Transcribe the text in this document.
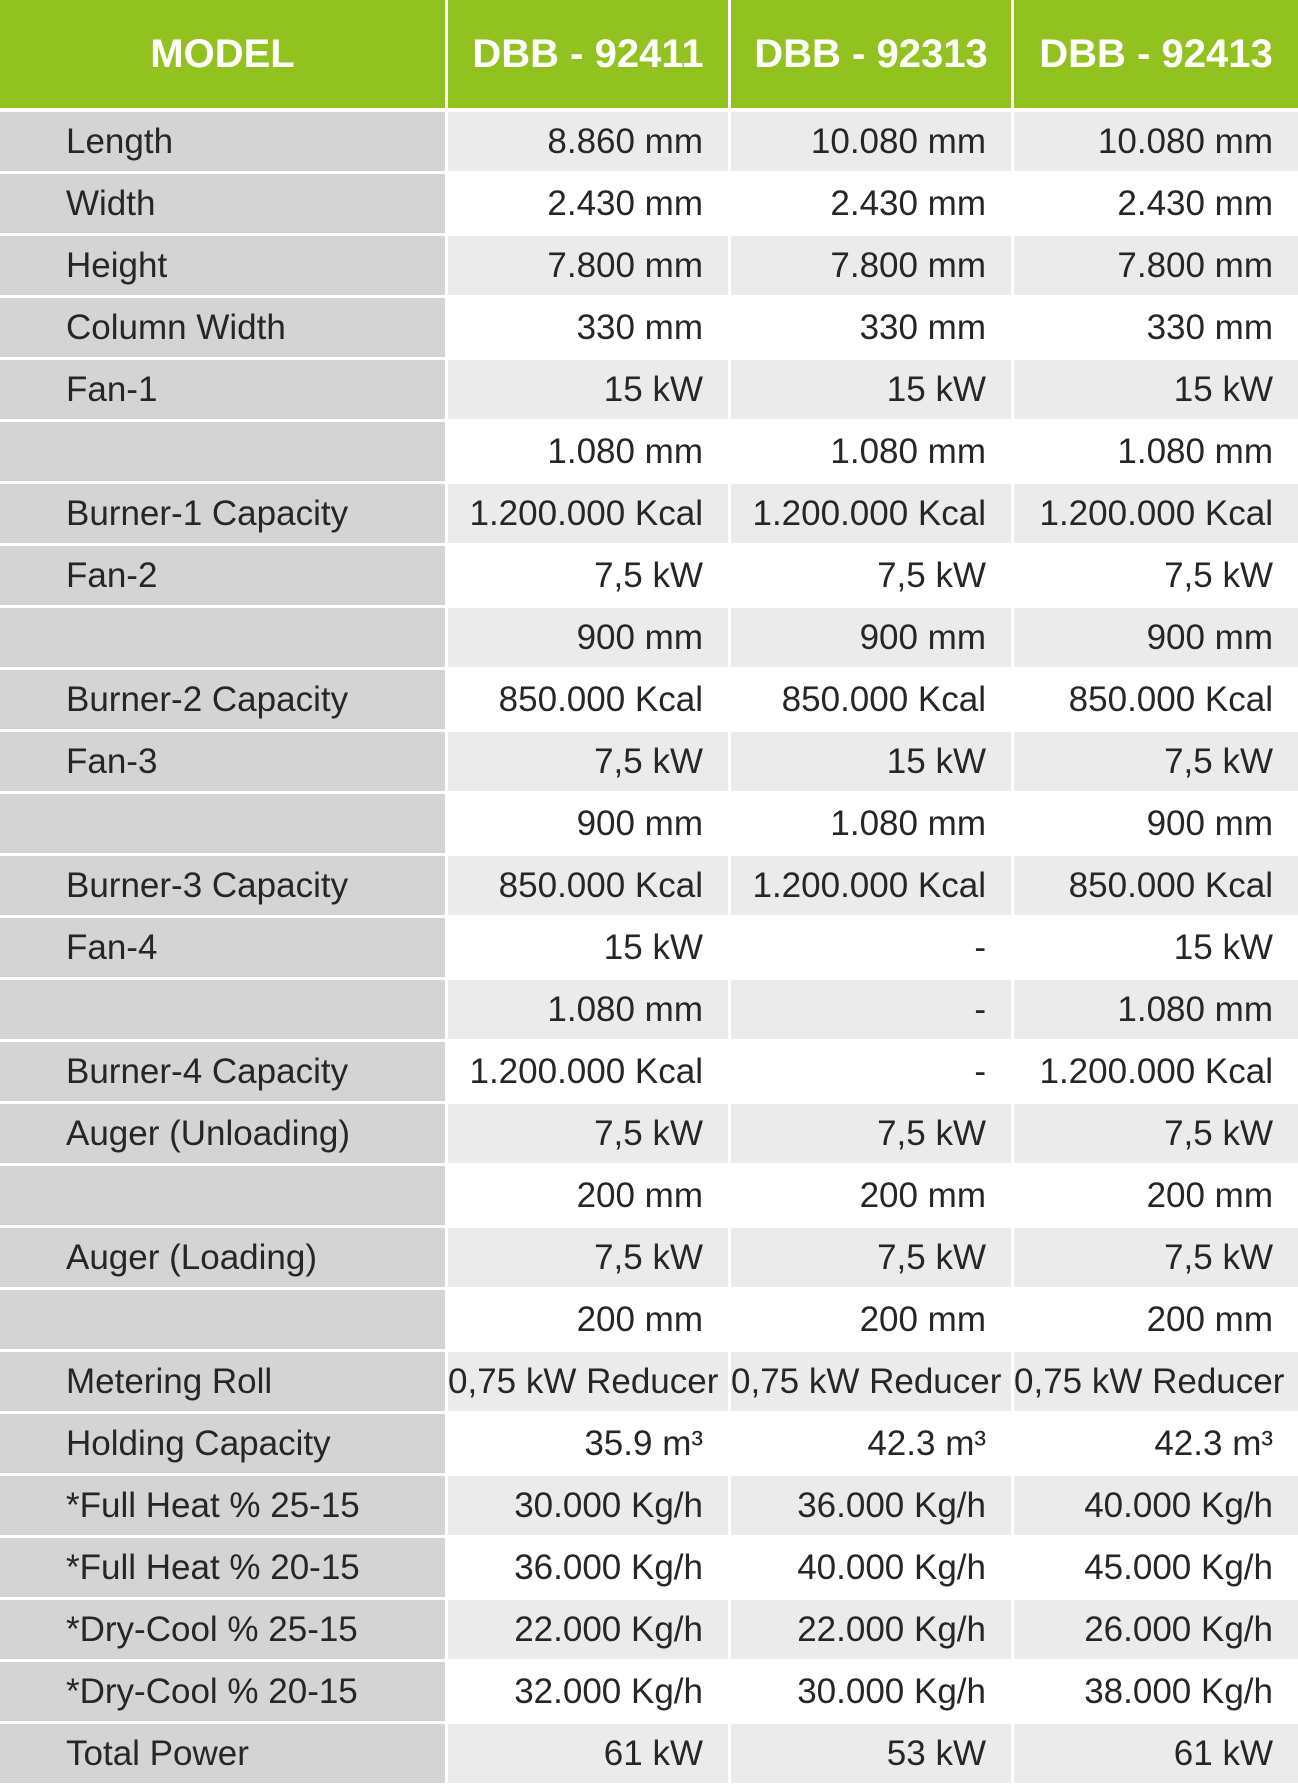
MODEL	DBB - 92411	DBB - 92313	DBB - 92413
Length	8.860 mm	10.080 mm	10.080 mm
Width	2.430 mm	2.430 mm	2.430 mm
Height	7.800 mm	7.800 mm	7.800 mm
Column Width	330 mm	330 mm	330 mm
Fan-1	15 kW	15 kW	15 kW
	1.080 mm	1.080 mm	1.080 mm
Burner-1 Capacity	1.200.000 Kcal	1.200.000 Kcal	1.200.000 Kcal
Fan-2	7,5 kW	7,5 kW	7,5 kW
	900 mm	900 mm	900 mm
Burner-2 Capacity	850.000 Kcal	850.000 Kcal	850.000 Kcal
Fan-3	7,5 kW	15 kW	7,5 kW
	900 mm	1.080 mm	900 mm
Burner-3 Capacity	850.000 Kcal	1.200.000 Kcal	850.000 Kcal
Fan-4	15 kW	-	15 kW
	1.080 mm	-	1.080 mm
Burner-4 Capacity	1.200.000 Kcal	-	1.200.000 Kcal
Auger (Unloading)	7,5 kW	7,5 kW	7,5 kW
	200 mm	200 mm	200 mm
Auger (Loading)	7,5 kW	7,5 kW	7,5 kW
	200 mm	200 mm	200 mm
Metering Roll	0,75 kW Reducer	0,75 kW Reducer	0,75 kW Reducer
Holding Capacity	35.9 m³	42.3 m³	42.3 m³
*Full Heat % 25-15	30.000 Kg/h	36.000 Kg/h	40.000 Kg/h
*Full Heat % 20-15	36.000 Kg/h	40.000 Kg/h	45.000 Kg/h
*Dry-Cool % 25-15	22.000 Kg/h	22.000 Kg/h	26.000 Kg/h
*Dry-Cool % 20-15	32.000 Kg/h	30.000 Kg/h	38.000 Kg/h
Total Power	61 kW	53 kW	61 kW
